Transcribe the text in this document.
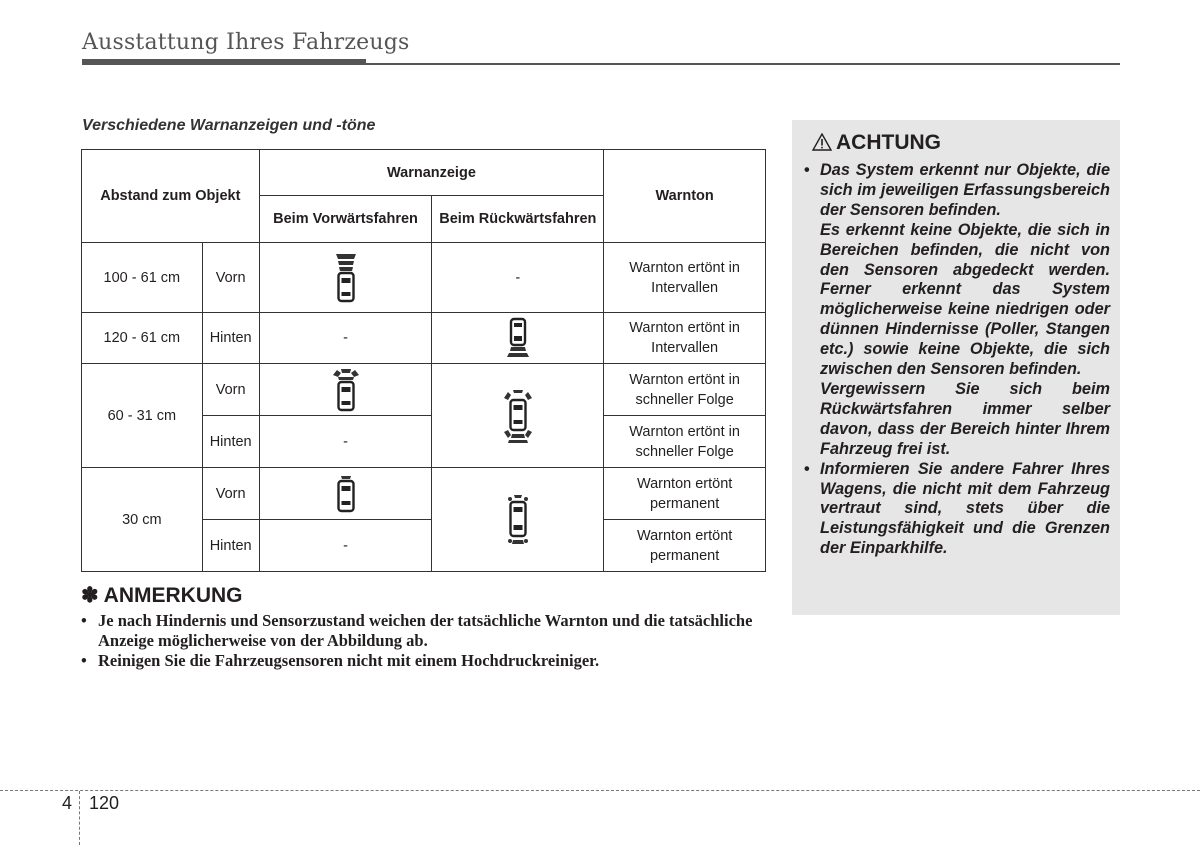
Ausstattung Ihres Fahrzeugs
Verschiedene Warnanzeigen und -töne
Abstand zum Objekt		Warnanzeige		Warnton
		Beim Vorwärtsfahren	Beim Rückwärtsfahren	
100 - 61 cm	Vorn		-	Warnton ertönt in Intervallen
120 - 61 cm	Hinten	-		Warnton ertönt in Intervallen
60 - 31 cm	Vorn			Warnton ertönt in schneller Folge
	Hinten	-		Warnton ertönt in schneller Folge
30 cm	Vorn			Warnton ertönt permanent
	Hinten	-		Warnton ertönt permanent
✽ ANMERKUNG
• Je nach Hindernis und Sensorzustand weichen der tatsächliche Warnton und die tatsächliche Anzeige möglicherweise von der Abbildung ab.
• Reinigen Sie die Fahrzeugsensoren nicht mit einem Hochdruckreiniger.
ACHTUNG

• Das System erkennt nur Objekte, die sich im jeweiligen Erfassungsbereich der Sensoren befinden.

Es erkennt keine Objekte, die sich in Bereichen befinden, die nicht von den Sensoren abgedeckt werden. Ferner erkennt das System möglicherweise keine niedrigen oder dünnen Hindernisse (Poller, Stangen etc.) sowie keine Objekte, die sich zwischen den Sensoren befinden.

Vergewissern Sie sich beim Rückwärtsfahren immer selber davon, dass der Bereich hinter Ihrem Fahrzeug frei ist.

• Informieren Sie andere Fahrer Ihres Wagens, die nicht mit dem Fahrzeug vertraut sind, stets über die Leistungsfähigkeit und die Grenzen der Einparkhilfe.

4 120
